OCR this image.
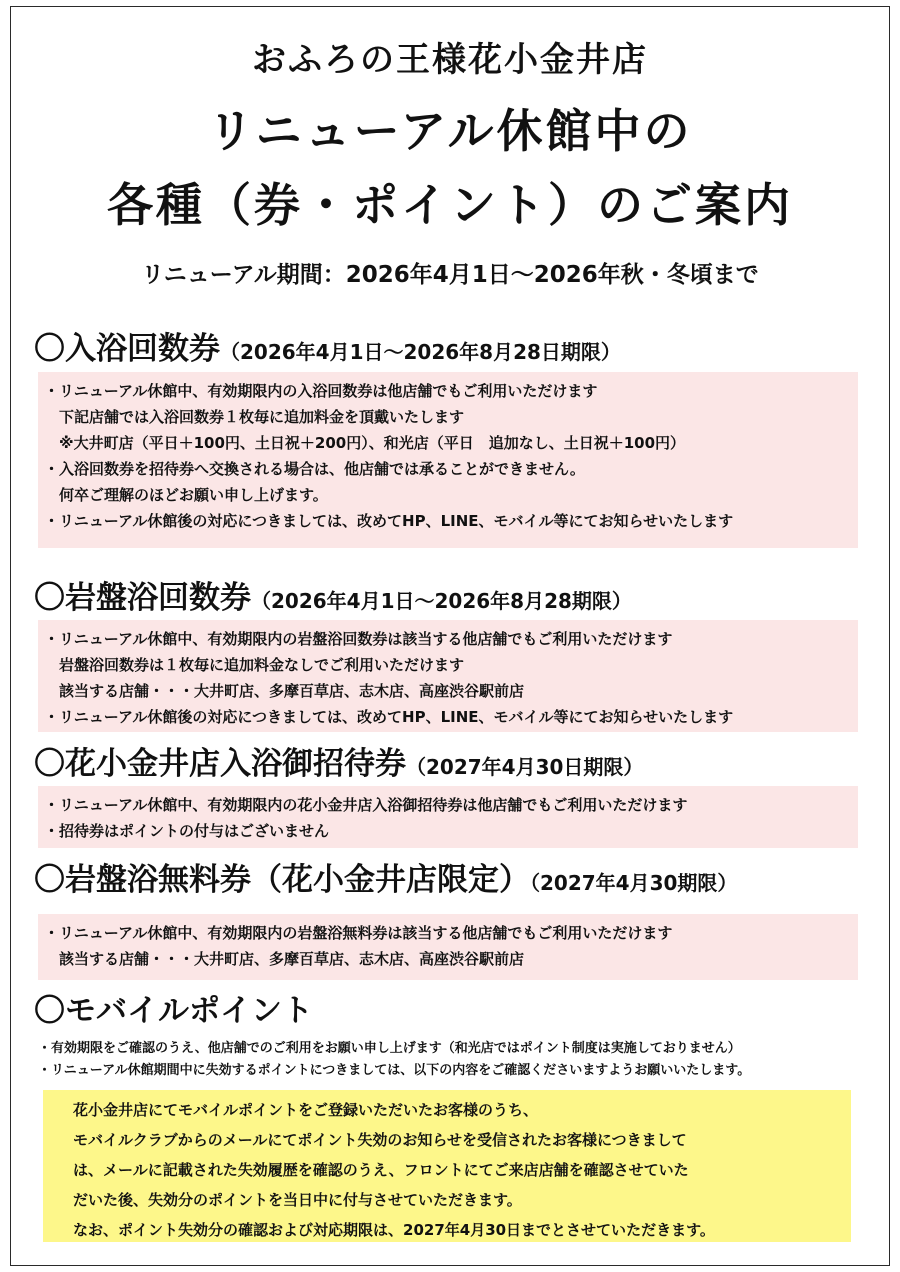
おふろの王様花小金井店
リニューアル休館中の
各種（券・ポイント）のご案内
リニューアル期間：2026年4月1日～2026年秋・冬頃まで
〇入浴回数券（2026年4月1日～2026年8月28日期限）
・リニューアル休館中、有効期限内の入浴回数券は他店舗でもご利用いただけます
下記店舗では入浴回数券１枚毎に追加料金を頂戴いたします
※大井町店（平日＋100円、土日祝＋200円）、和光店（平日　追加なし、土日祝＋100円）
・入浴回数券を招待券へ交換される場合は、他店舗では承ることができません。
何卒ご理解のほどお願い申し上げます。
・リニューアル休館後の対応につきましては、改めてHP、LINE、モバイル等にてお知らせいたします
〇岩盤浴回数券（2026年4月1日～2026年8月28期限）
・リニューアル休館中、有効期限内の岩盤浴回数券は該当する他店舗でもご利用いただけます
岩盤浴回数券は１枚毎に追加料金なしでご利用いただけます
該当する店舗・・・大井町店、多摩百草店、志木店、高座渋谷駅前店
・リニューアル休館後の対応につきましては、改めてHP、LINE、モバイル等にてお知らせいたします
〇花小金井店入浴御招待券（2027年4月30日期限）
・リニューアル休館中、有効期限内の花小金井店入浴御招待券は他店舗でもご利用いただけます
・招待券はポイントの付与はございません
〇岩盤浴無料券（花小金井店限定）（2027年4月30期限）
・リニューアル休館中、有効期限内の岩盤浴無料券は該当する他店舗でもご利用いただけます
該当する店舗・・・大井町店、多摩百草店、志木店、高座渋谷駅前店
〇モバイルポイント
・有効期限をご確認のうえ、他店舗でのご利用をお願い申し上げます（和光店ではポイント制度は実施しておりません）
・リニューアル休館期間中に失効するポイントにつきましては、以下の内容をご確認くださいますようお願いいたします。
花小金井店にてモバイルポイントをご登録いただいたお客様のうち、
モバイルクラブからのメールにてポイント失効のお知らせを受信されたお客様につきまして
は、メールに記載された失効履歴を確認のうえ、フロントにてご来店店舗を確認させていた
だいた後、失効分のポイントを当日中に付与させていただきます。
なお、ポイント失効分の確認および対応期限は、2027年4月30日までとさせていただきます。
